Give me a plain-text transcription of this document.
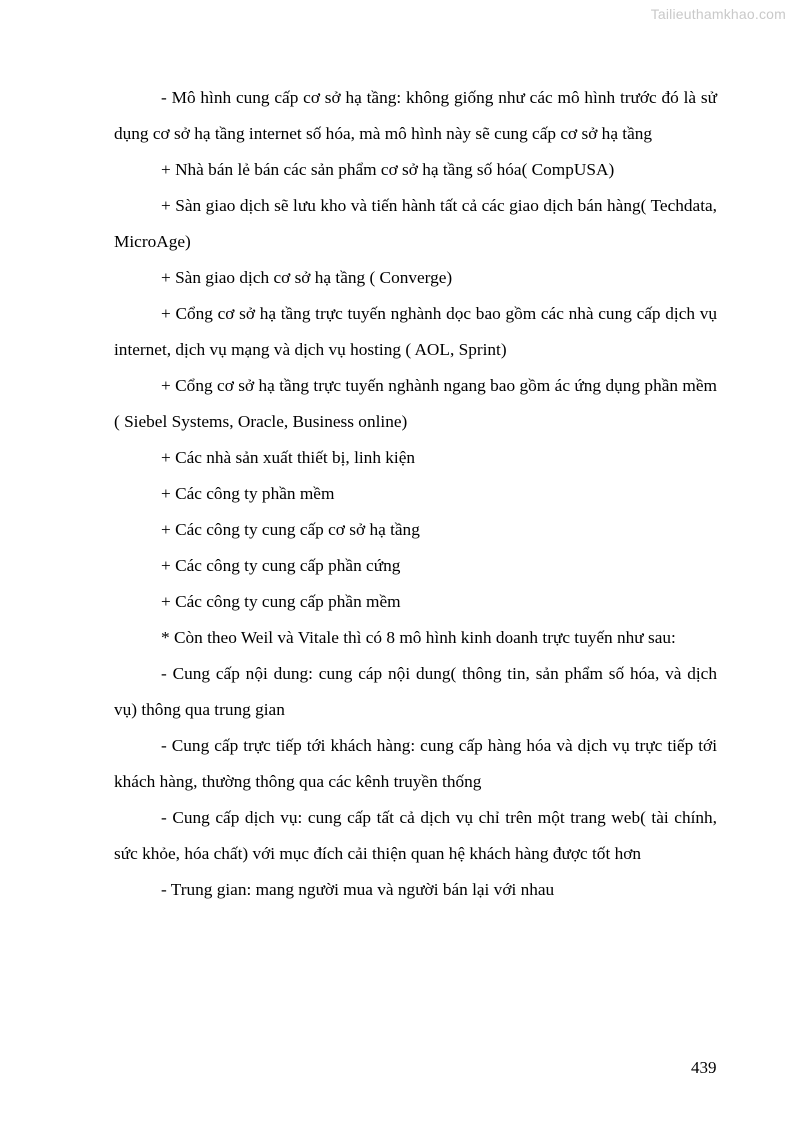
Tailieuthamkhao.com

- Mô hình cung cấp cơ sở hạ tầng: không giống như các mô hình trước đó là sử dụng cơ sở hạ tầng internet số hóa, mà mô hình này sẽ cung cấp cơ sở hạ tầng

+ Nhà bán lẻ bán các sản phẩm cơ sở hạ tầng số hóa( CompUSA)

+ Sàn giao dịch sẽ lưu kho và tiến hành tất cả các giao dịch bán hàng( Techdata, MicroAge)

+ Sàn giao dịch cơ sở hạ tầng ( Converge)

+ Cổng cơ sở hạ tầng trực tuyến nghành dọc bao gồm các nhà cung cấp dịch vụ internet, dịch vụ mạng và dịch vụ hosting ( AOL, Sprint)

+ Cổng cơ sở hạ tầng trực tuyến nghành ngang bao gồm ác ứng dụng phần mềm ( Siebel Systems, Oracle, Business online)

+ Các nhà sản xuất thiết bị, linh kiện

+ Các công ty phần mềm

+ Các công ty cung cấp cơ sở hạ tầng

+ Các công ty cung cấp phần cứng

+ Các công ty cung cấp phần mềm

* Còn theo Weil và Vitale thì có 8 mô hình kinh doanh trực tuyến như sau:

- Cung cấp nội dung: cung cáp nội dung( thông tin, sản phẩm số hóa, và dịch vụ) thông qua trung gian

- Cung cấp trực tiếp tới khách hàng: cung cấp hàng hóa và dịch vụ trực tiếp tới khách hàng, thường thông qua các kênh truyền thống

- Cung cấp dịch vụ: cung cấp tất cả dịch vụ chỉ trên một trang web( tài chính, sức khỏe, hóa chất) với mục đích cải thiện quan hệ khách hàng được tốt hơn

- Trung gian: mang người mua và người bán lại với nhau

439
